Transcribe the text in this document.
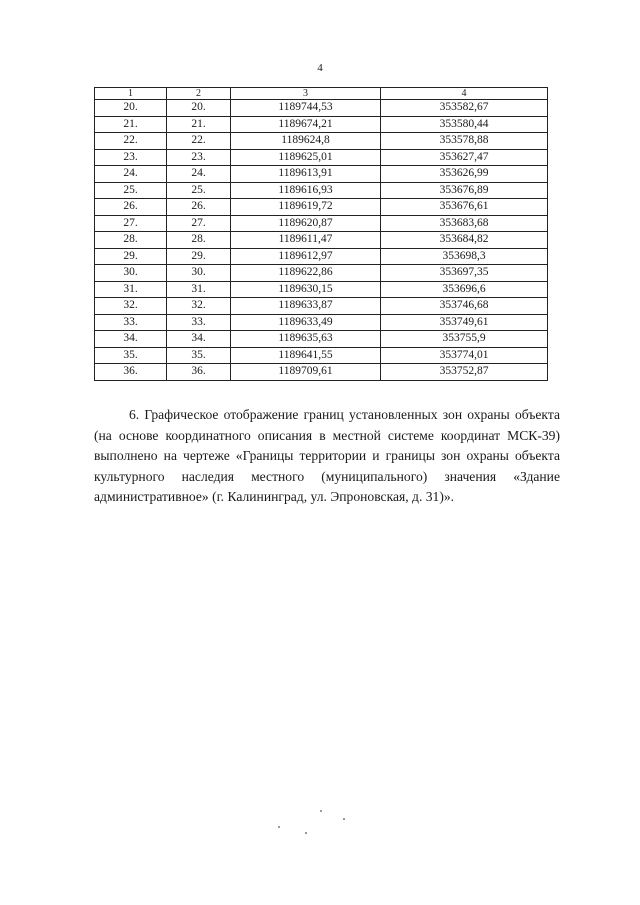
4
1	2	3	4
20.	20.	1189744,53	353582,67
21.	21.	1189674,21	353580,44
22.	22.	1189624,8	353578,88
23.	23.	1189625,01	353627,47
24.	24.	1189613,91	353626,99
25.	25.	1189616,93	353676,89
26.	26.	1189619,72	353676,61
27.	27.	1189620,87	353683,68
28.	28.	1189611,47	353684,82
29.	29.	1189612,97	353698,3
30.	30.	1189622,86	353697,35
31.	31.	1189630,15	353696,6
32.	32.	1189633,87	353746,68
33.	33.	1189633,49	353749,61
34.	34.	1189635,63	353755,9
35.	35.	1189641,55	353774,01
36.	36.	1189709,61	353752,87

6. Графическое отображение границ установленных зон охраны объекта (на основе координатного описания в местной системе координат МСК-39) выполнено на чертеже «Границы территории и границы зон охраны объекта культурного наследия местного (муниципального) значения «Здание административное» (г. Калининград, ул. Эпроновская, д. 31)».
